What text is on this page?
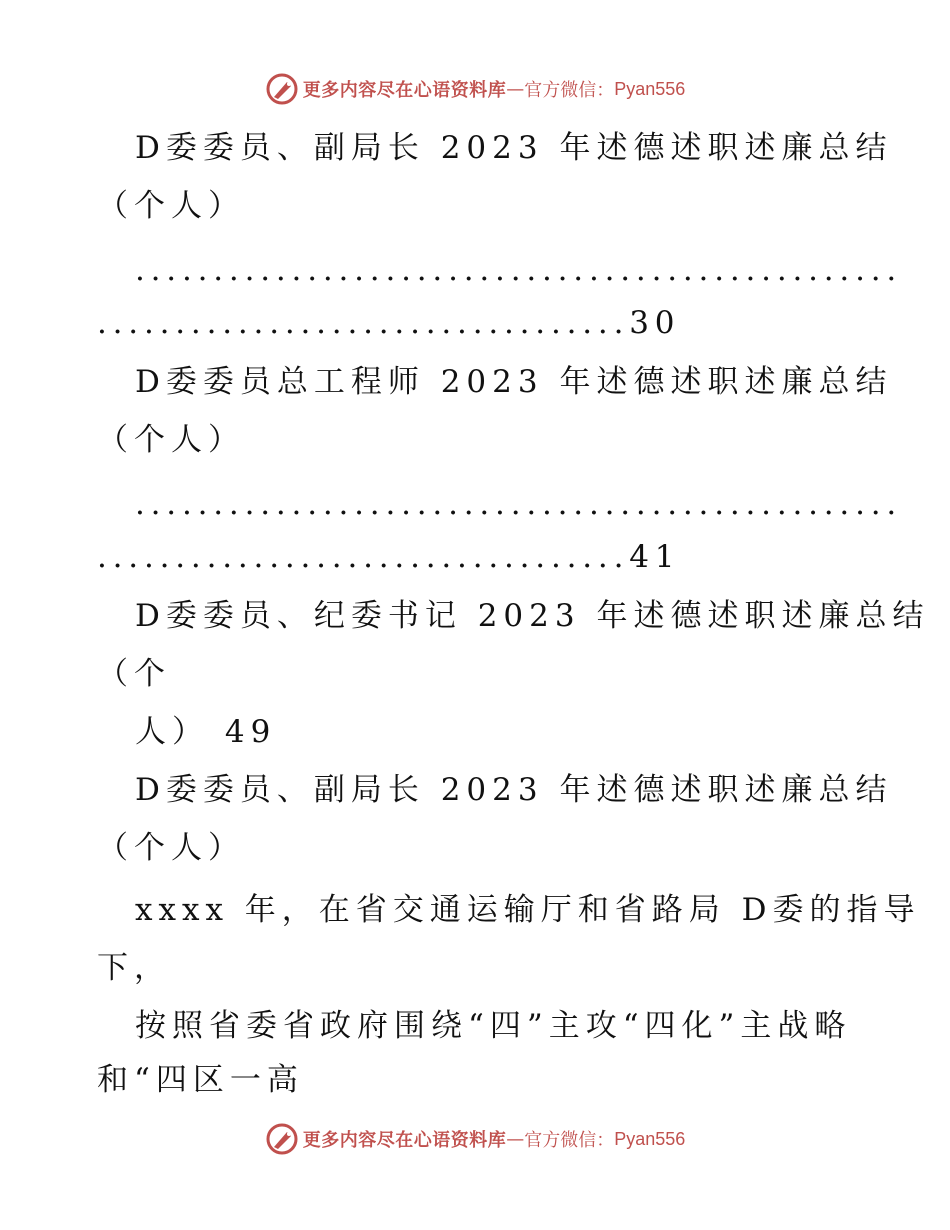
更多内容尽在心语资料库 — 官方微信： Pyan556
D委委员、副局长 2023 年述德述职述廉总结
（个人）
.................................................
..................................30
D委委员总工程师 2023 年述德述职述廉总结
（个人）
.................................................
..................................41
D委委员、纪委书记 2023 年述德述职述廉总结
（个
人） 49
D委委员、副局长 2023 年述德述职述廉总结
（个人）
xxxx 年，在省交通运输厅和省路局 D委的指导
下，
按照省委省政府围绕“四”主攻“四化”主战略
和“四区一高
更多内容尽在心语资料库 — 官方微信： Pyan556
